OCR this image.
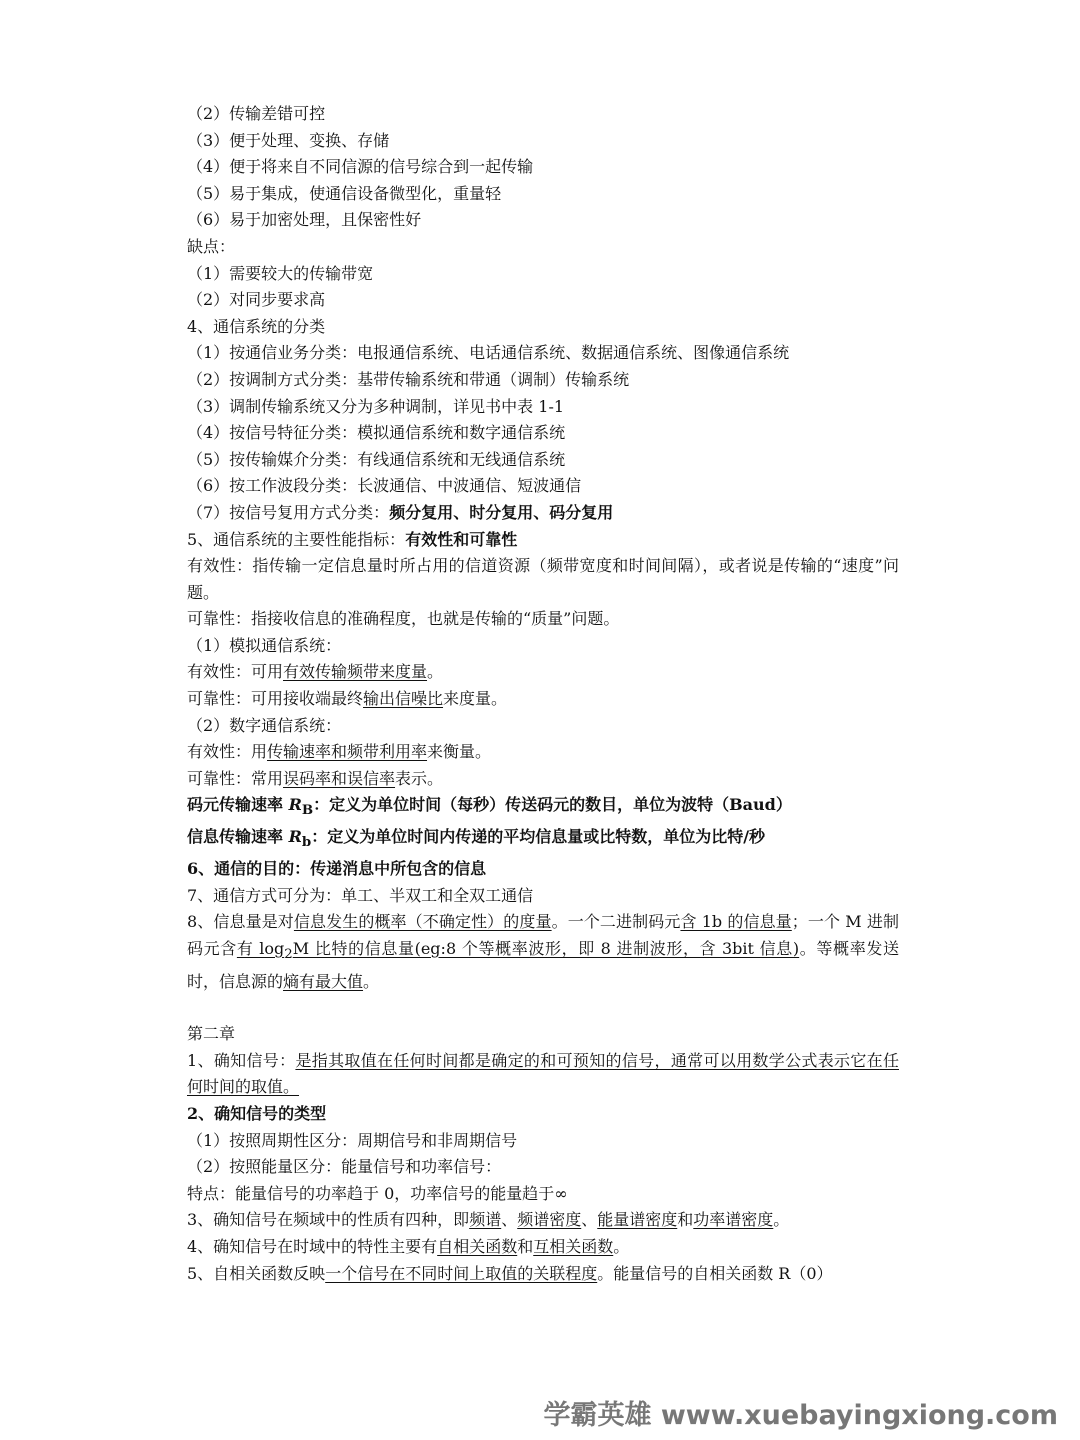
（2）传输差错可控
（3）便于处理、变换、存储
（4）便于将来自不同信源的信号综合到一起传输
（5）易于集成，使通信设备微型化，重量轻
（6）易于加密处理，且保密性好
缺点：
（1）需要较大的传输带宽
（2）对同步要求高
4、通信系统的分类
（1）按通信业务分类：电报通信系统、电话通信系统、数据通信系统、图像通信系统
（2）按调制方式分类：基带传输系统和带通（调制）传输系统
（3）调制传输系统又分为多种调制，详见书中表 1-1
（4）按信号特征分类：模拟通信系统和数字通信系统
（5）按传输媒介分类：有线通信系统和无线通信系统
（6）按工作波段分类：长波通信、中波通信、短波通信
（7）按信号复用方式分类：频分复用、时分复用、码分复用
5、通信系统的主要性能指标：有效性和可靠性
有效性：指传输一定信息量时所占用的信道资源（频带宽度和时间间隔），或者说是传输的“速度”问题。
可靠性：指接收信息的准确程度，也就是传输的“质量”问题。
（1）模拟通信系统：
有效性：可用有效传输频带来度量。
可靠性：可用接收端最终输出信噪比来度量。
（2）数字通信系统：
有效性：用传输速率和频带利用率来衡量。
可靠性：常用误码率和误信率表示。
码元传输速率 $R_B$：定义为单位时间（每秒）传送码元的数目，单位为波特（Baud）
信息传输速率 $R_b$：定义为单位时间内传递的平均信息量或比特数，单位为比特/秒
6、通信的目的：传递消息中所包含的信息
7、通信方式可分为：单工、半双工和全双工通信
8、信息量是对信息发生的概率（不确定性）的度量。一个二进制码元含 1b 的信息量；一个 M 进制码元含有 $\log_2M$ 比特的信息量(eg:8 个等概率波形，即 8 进制波形，含 3bit 信息)。等概率发送时，信息源的熵有最大值。
第二章
1、确知信号：是指其取值在任何时间都是确定的和可预知的信号，通常可以用数学公式表示它在任何时间的取值。
2、确知信号的类型
（1）按照周期性区分：周期信号和非周期信号
（2）按照能量区分：能量信号和功率信号：
特点：能量信号的功率趋于 0，功率信号的能量趋于∞
3、确知信号在频域中的性质有四种，即频谱、频谱密度、能量谱密度和功率谱密度。
4、确知信号在时域中的特性主要有自相关函数和互相关函数。
5、自相关函数反映一个信号在不同时间上取值的关联程度。能量信号的自相关函数 R（0）
学霸英雄 www.xuebayingxiong.com
